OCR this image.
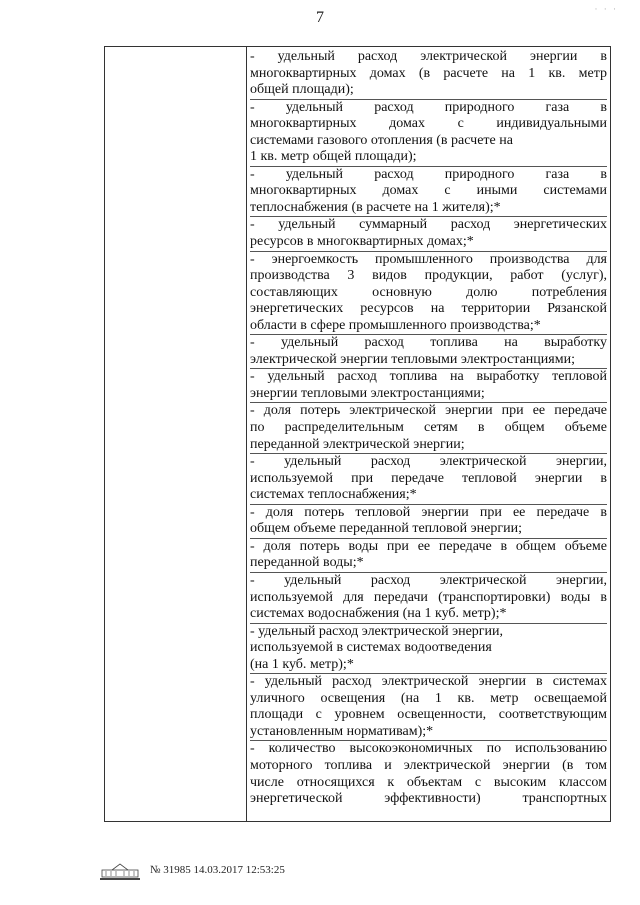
7	· · ·
- удельный расход электрической энергии в
многоквартирных домах (в расчете на 1 кв. метр
общей площади);
- удельный расход природного газа в
многоквартирных домах с индивидуальными
системами газового отопления (в расчете на
1 кв. метр общей площади);
- удельный расход природного газа в
многоквартирных домах с иными системами
теплоснабжения (в расчете на 1 жителя);*
- удельный суммарный расход энергетических
ресурсов в многоквартирных домах;*
- энергоемкость промышленного производства для
производства 3 видов продукции, работ (услуг),
составляющих основную долю потребления
энергетических ресурсов на территории Рязанской
области в сфере промышленного производства;*
- удельный расход топлива на выработку
электрической энергии тепловыми электростанциями;
- удельный расход топлива на выработку тепловой
энергии тепловыми электростанциями;
- доля потерь электрической энергии при ее передаче
по распределительным сетям в общем объеме
переданной электрической энергии;
- удельный расход электрической энергии,
используемой при передаче тепловой энергии в
системах теплоснабжения;*
- доля потерь тепловой энергии при ее передаче в
общем объеме переданной тепловой энергии;
- доля потерь воды при ее передаче в общем объеме
переданной воды;*
- удельный расход электрической энергии,
используемой для передачи (транспортировки) воды в
системах водоснабжения (на 1 куб. метр);*
- удельный расход электрической энергии,
используемой в системах водоотведения
(на 1 куб. метр);*
- удельный расход электрической энергии в системах
уличного освещения (на 1 кв. метр освещаемой
площади с уровнем освещенности, соответствующим
установленным нормативам);*
- количество высокоэкономичных по использованию
моторного топлива и электрической энергии (в том
числе относящихся к объектам с высоким классом
энергетической эффективности) транспортных
№ 31985 14.03.2017 12:53:25
